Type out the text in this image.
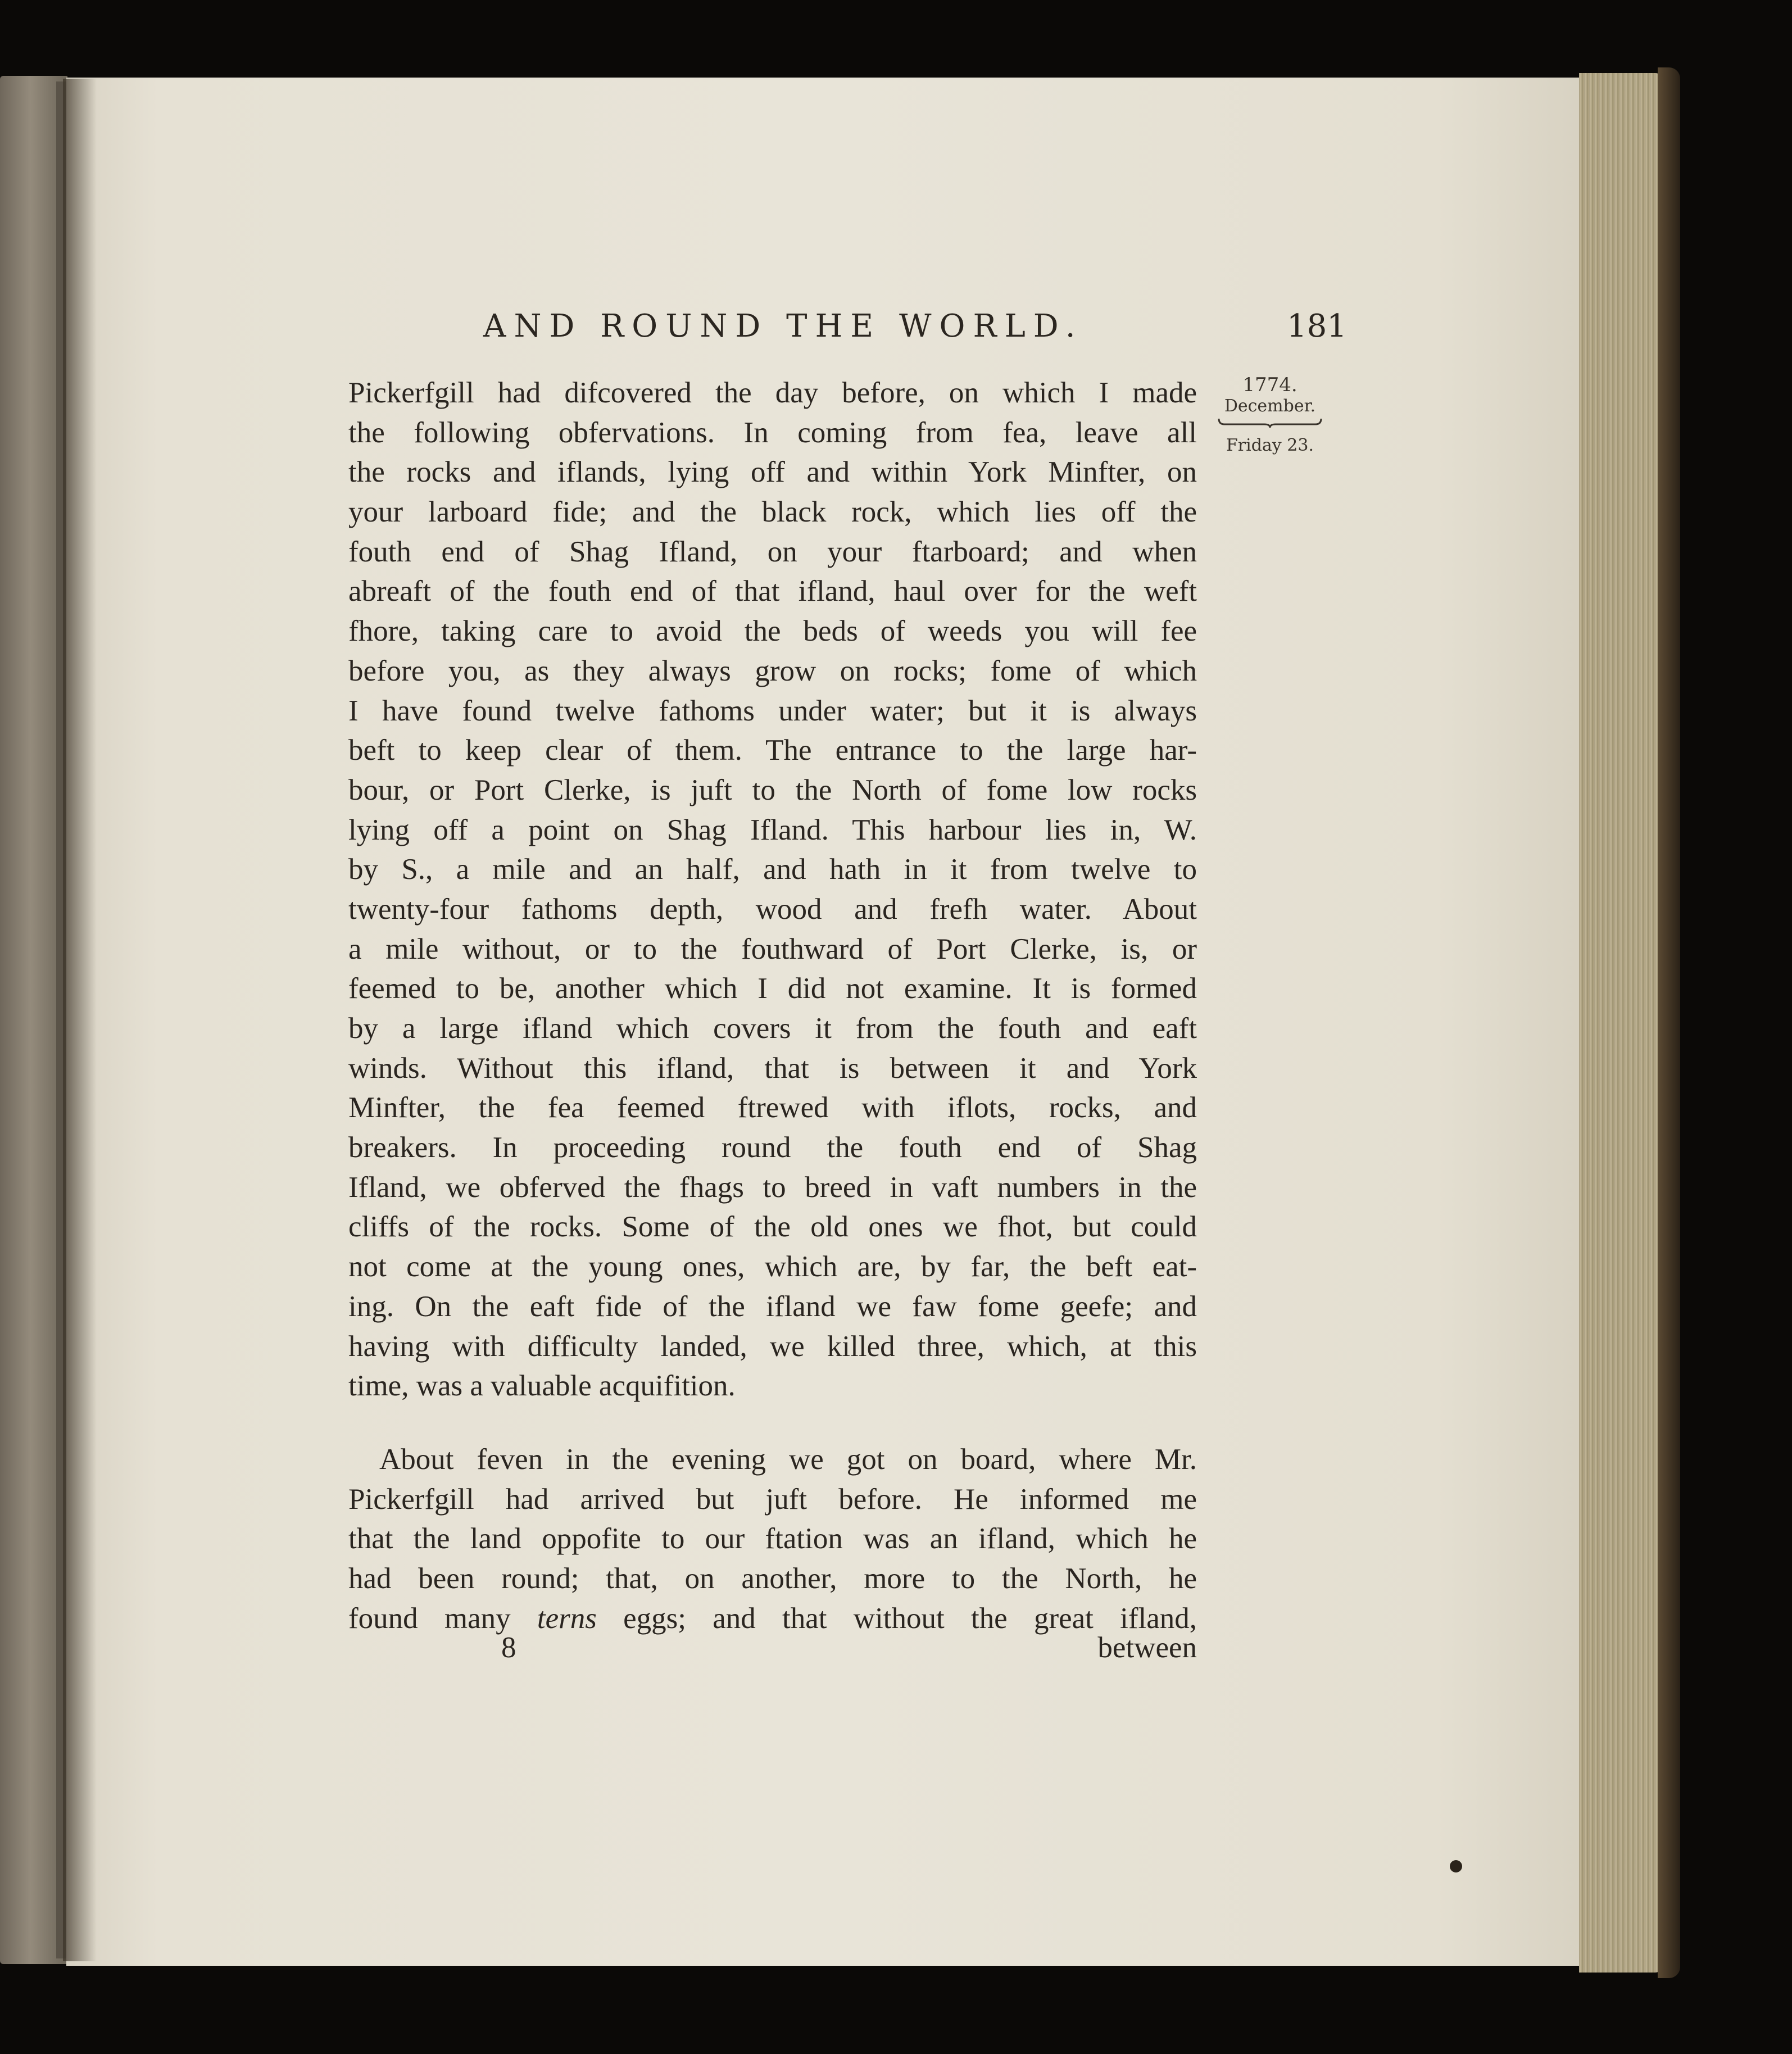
AND ROUND THE WORLD.	181
1774.
December.
Friday 23.
Pickerfgill had difcovered the day before, on which I made
the following obfervations. In coming from fea, leave all
the rocks and iflands, lying off and within York Minfter, on
your larboard fide; and the black rock, which lies off the
fouth end of Shag Ifland, on your ftarboard; and when
abreaft of the fouth end of that ifland, haul over for the weft
fhore, taking care to avoid the beds of weeds you will fee
before you, as they always grow on rocks; fome of which
I have found twelve fathoms under water; but it is always
beft to keep clear of them. The entrance to the large har-
bour, or Port Clerke, is juft to the North of fome low rocks
lying off a point on Shag Ifland. This harbour lies in, W.
by S., a mile and an half, and hath in it from twelve to
twenty-four fathoms depth, wood and frefh water. About
a mile without, or to the fouthward of Port Clerke, is, or
feemed to be, another which I did not examine. It is formed
by a large ifland which covers it from the fouth and eaft
winds. Without this ifland, that is between it and York
Minfter, the fea feemed ftrewed with iflots, rocks, and
breakers. In proceeding round the fouth end of Shag
Ifland, we obferved the fhags to breed in vaft numbers in the
cliffs of the rocks. Some of the old ones we fhot, but could
not come at the young ones, which are, by far, the beft eat-
ing. On the eaft fide of the ifland we faw fome geefe; and
having with difficulty landed, we killed three, which, at this
time, was a valuable acquifition.
About feven in the evening we got on board, where Mr.
Pickerfgill had arrived but juft before. He informed me
that the land oppofite to our ftation was an ifland, which he
had been round; that, on another, more to the North, he
found many terns eggs; and that without the great ifland,
8	between
